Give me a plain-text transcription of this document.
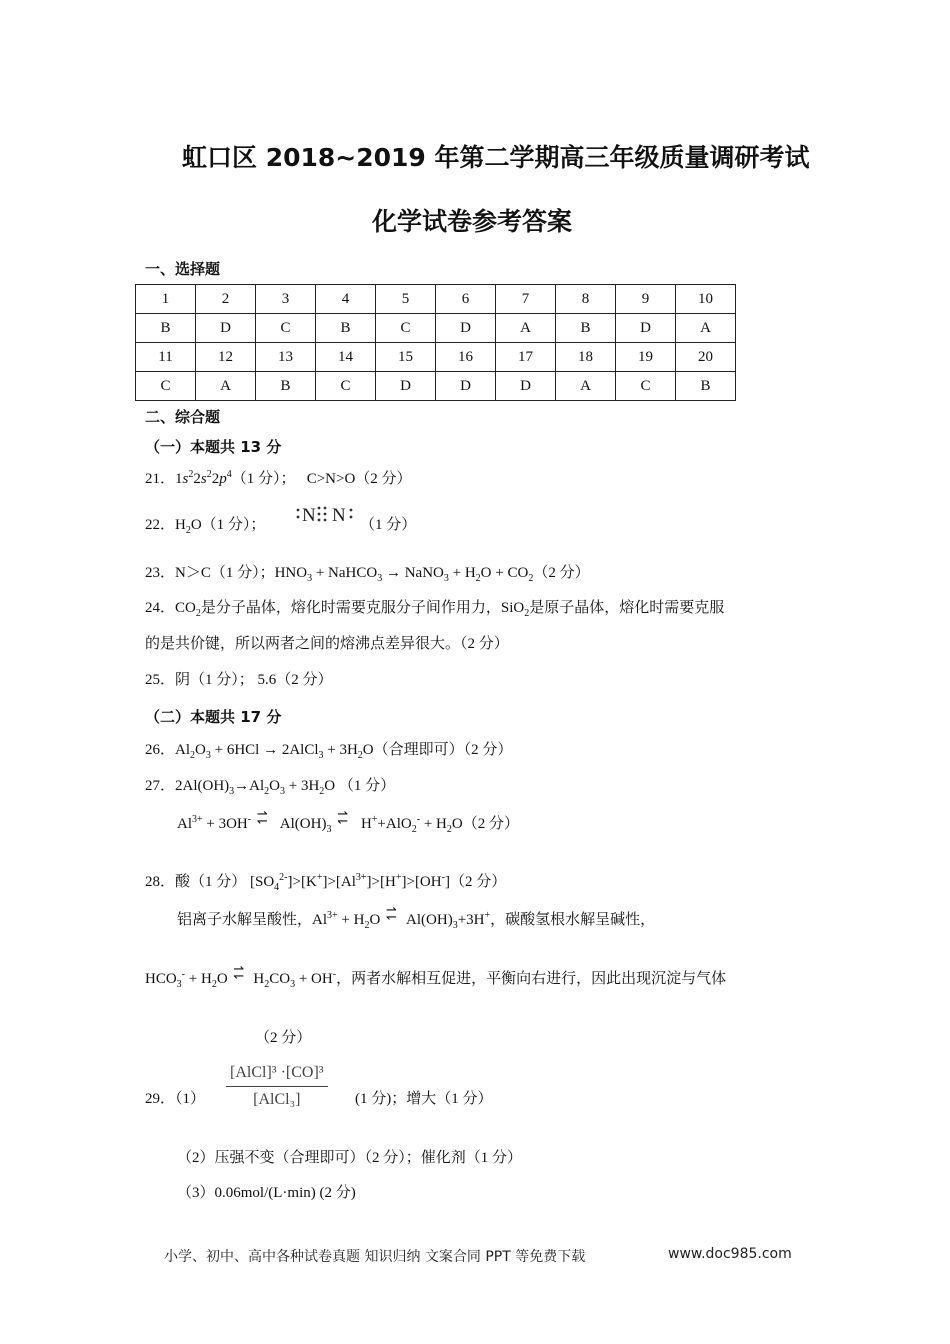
虹口区 2018~2019 年第二学期高三年级质量调研考试
化学试卷参考答案
一、选择题
1	2	3	4	5	6	7	8	9	10
B	D	C	B	C	D	A	B	D	A
11	12	13	14	15	16	17	18	19	20
C	A	B	C	D	D	D	A	C	B
二、综合题
（一）本题共 13 分
21．$1s^22s^22p^4(1$ 分）； C>N>O（2 分）
22．$H_2O(1$ 分）； N N （1 分）
23．N＞C（1 分）；$HNO_3$ + NaHCO$_3$ → NaNO$_3$ + $H_2O + CO_2(2$ 分）
24．$CO_2$是分子晶体，熔化时需要克服分子间作用力，SiO$_2$是原子晶体，熔化时需要克服
的是共价键，所以两者之间的熔沸点差异很大。（2 分）
25．阴（1 分）； 5.6（2 分）
（二）本题共 17 分
26．$Al_2O_3 + 6HCl$ → 2AlCl$_3$ + $3H_2O$（合理即可）（2 分）
27．$2Al(OH)_3\to Al_2O_3 + 3H_2O$ （1 分）
$Al^{3+} + 3OH^-$ ⇀ ↽ $Al(OH)_3$ ⇀ ↽ $H^++AlO_2^- + H_2O(2$ 分）
28．酸（1 分） $[SO_4^{2-}]>[K^+]>[Al^{3+}]>[H^+]>[OH^-](2$ 分）
铝离子水解呈酸性，$Al^{3+} + H_2O$ ⇀ $↽Al(OH)_3+3H^+$，碳酸氢根水解呈碱性，
$HCO_3^- + H_2O$ ⇀ $↽H_2CO_3 + OH^-$，两者水解相互促进，平衡向右进行，因此出现沉淀与气体
（2 分）
29．（1）
[AlCl]³ ·[CO]³
[AlCl₃]	(1 分)；增大（1 分）
（2）压强不变（合理即可）（2 分）；催化剂（1 分）
（3）0.06mol/(L·min) (2 分)
小学、初中、高中各种试卷真题 知识归纳 文案合同 PPT 等免费下载	www.doc985.com
